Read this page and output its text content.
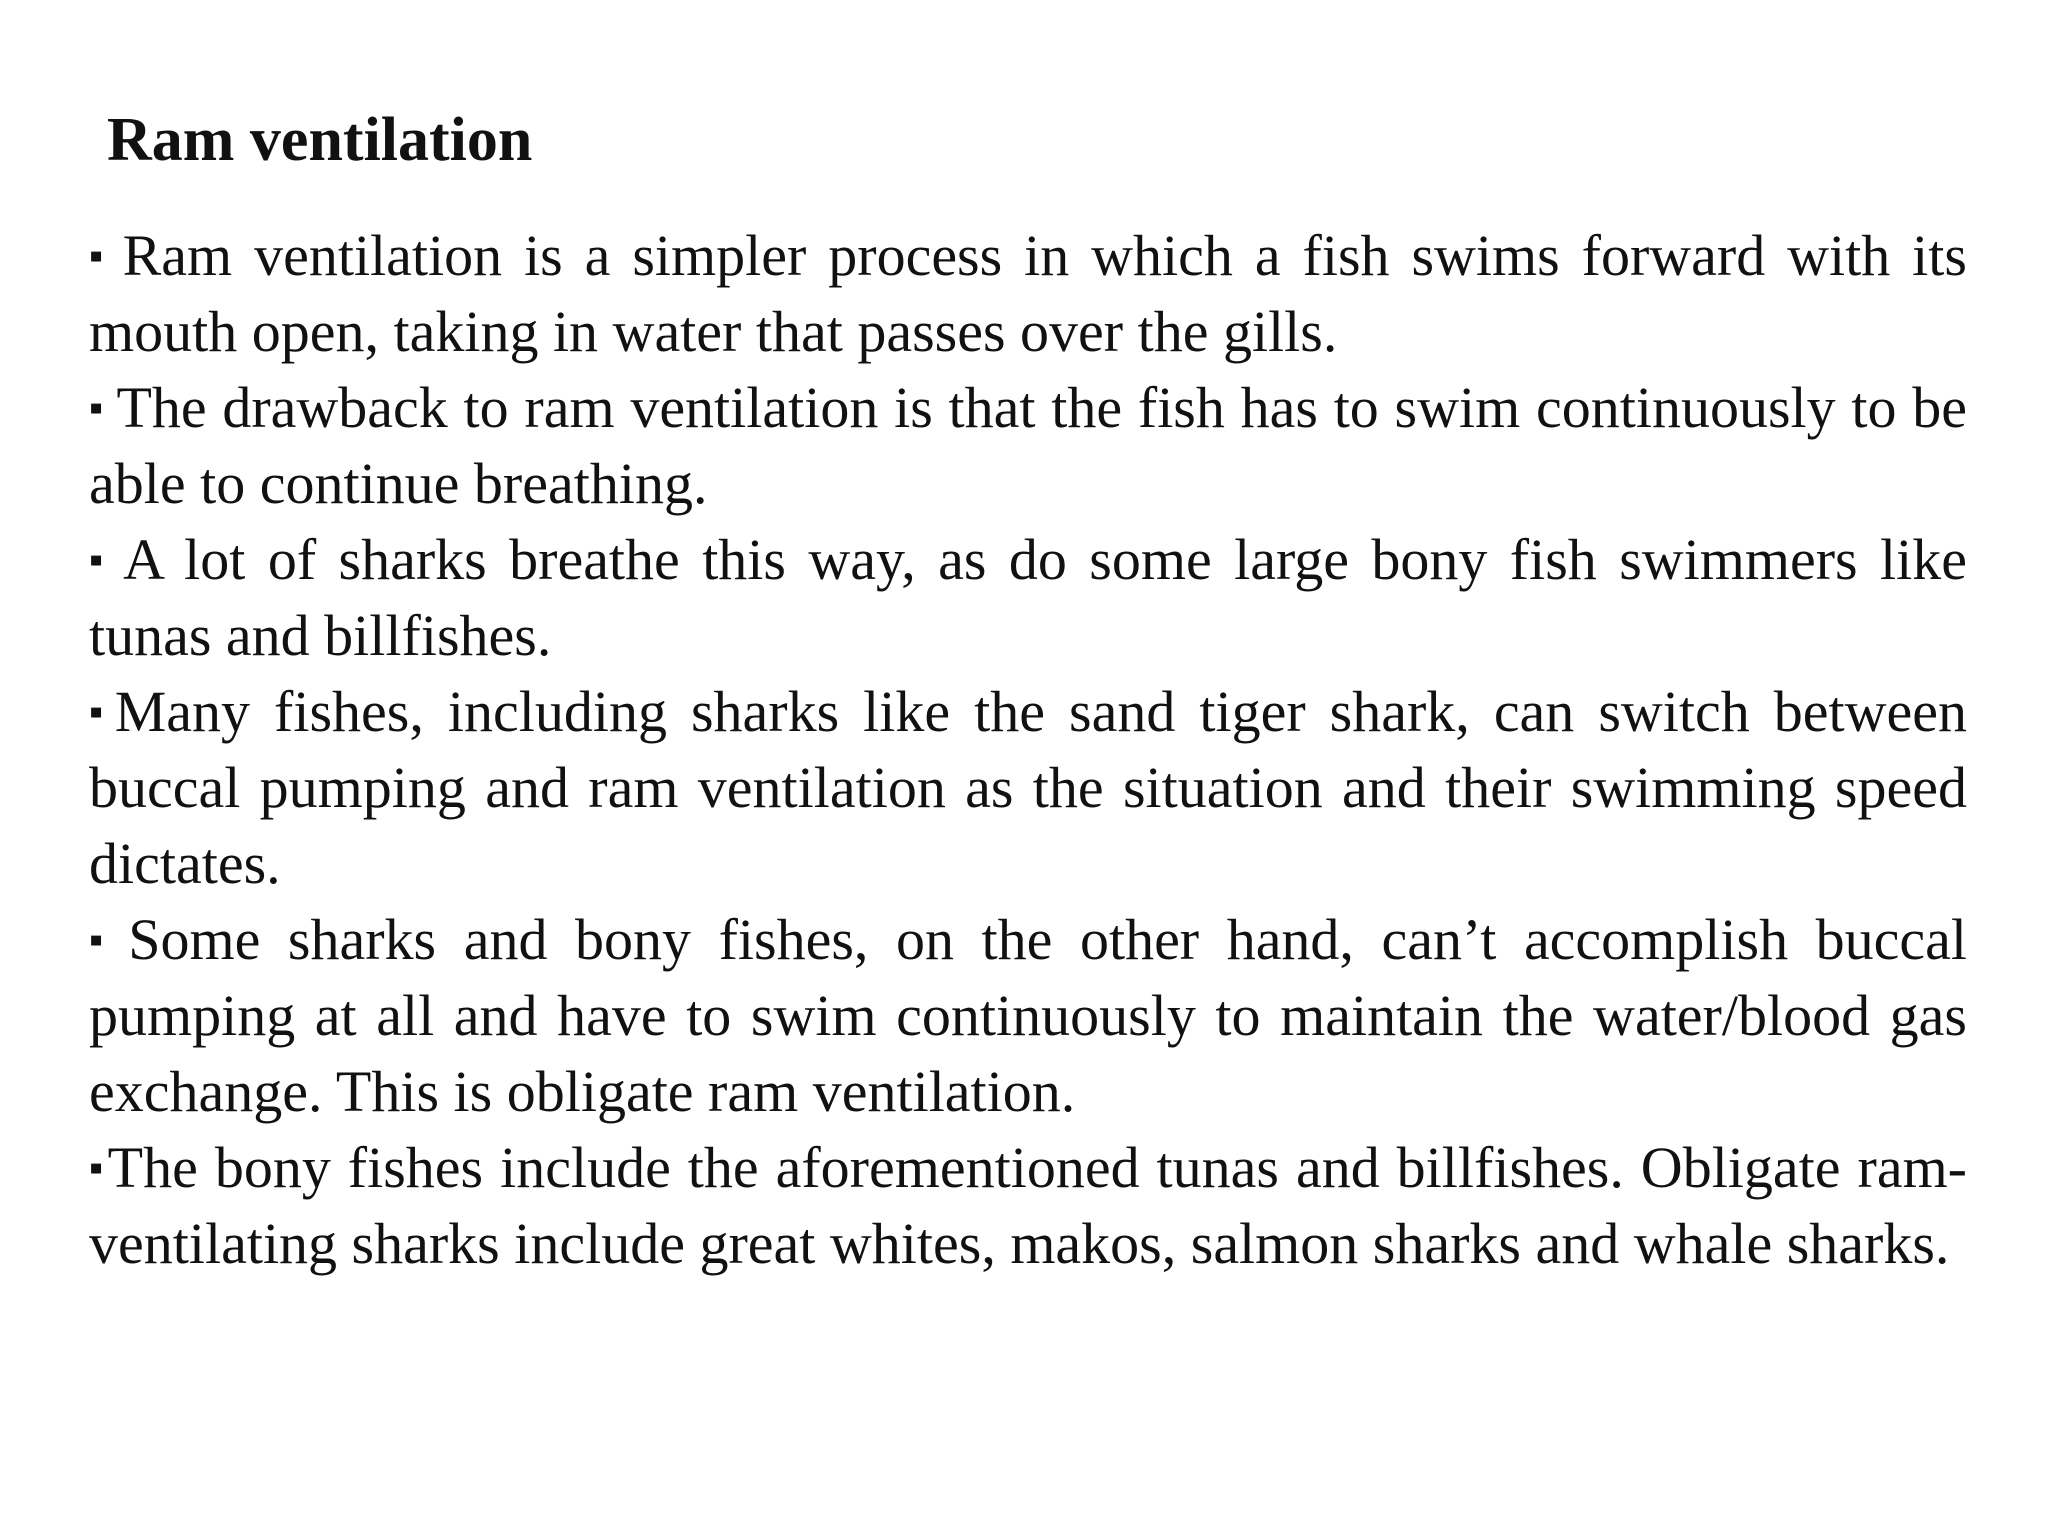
Ram ventilation
▪ Ram ventilation is a simpler process in which a fish swims forward with its mouth open, taking in water that passes over the gills.
▪ The drawback to ram ventilation is that the fish has to swim continuously to be able to continue breathing.
▪ A lot of sharks breathe this way, as do some large bony fish swimmers like tunas and billfishes.
▪Many fishes, including sharks like the sand tiger shark, can switch between buccal pumping and ram ventilation as the situation and their swimming speed dictates.
▪ Some sharks and bony fishes, on the other hand, can’t accomplish buccal pumping at all and have to swim continuously to maintain the water/blood gas exchange. This is obligate ram ventilation.
▪The bony fishes include the aforementioned tunas and billfishes. Obligate ram-ventilating sharks include great whites, makos, salmon sharks and whale sharks.
